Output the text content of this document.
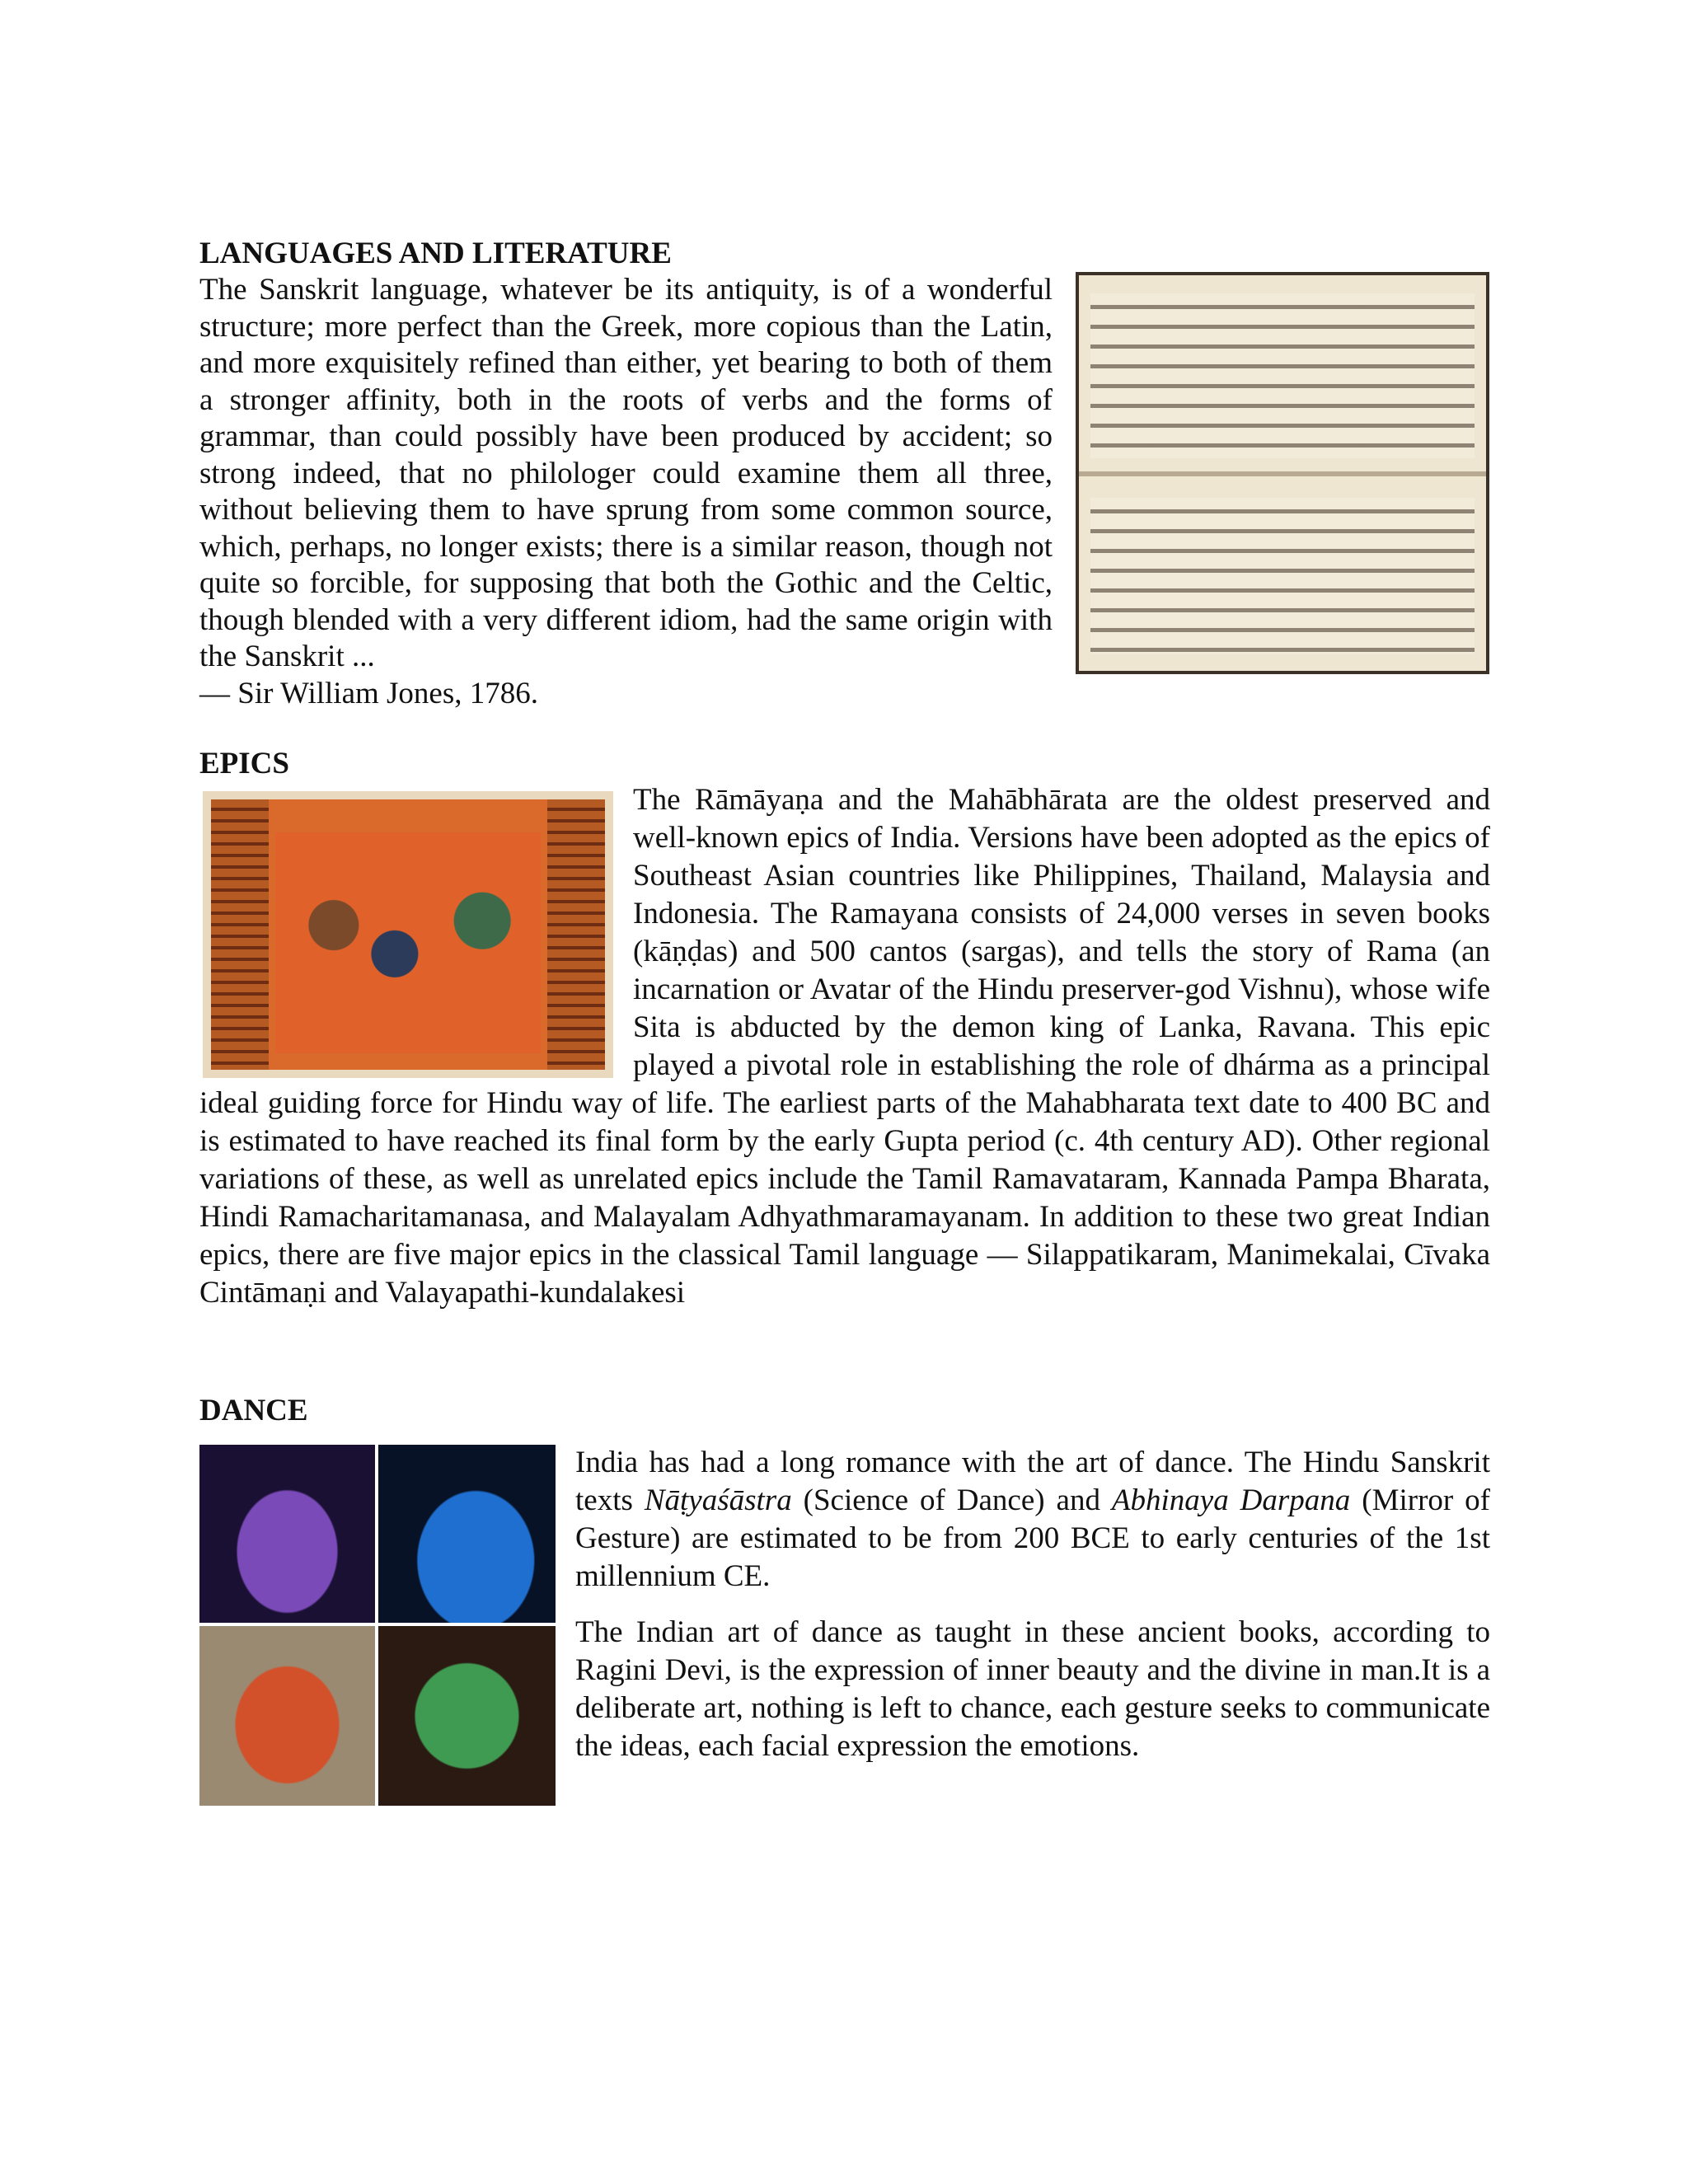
LANGUAGES AND LITERATURE

The Sanskrit language, whatever be its antiquity, is of a wonderful structure; more perfect than the Greek, more copious than the Latin, and more exquisitely refined than either, yet bearing to both of them a stronger affinity, both in the roots of verbs and the forms of grammar, than could possibly have been produced by accident; so strong indeed, that no philologer could examine them all three, without believing them to have sprung from some common source, which, perhaps, no longer exists; there is a similar reason, though not quite so forcible, for supposing that both the Gothic and the Celtic, though blended with a very different idiom, had the same origin with the Sanskrit ...
— Sir William Jones, 1786.

EPICS

The Rāmāyaṇa and the Mahābhārata are the oldest preserved and well-known epics of India. Versions have been adopted as the epics of Southeast Asian countries like Philippines, Thailand, Malaysia and Indonesia. The Ramayana consists of 24,000 verses in seven books (kāṇḍas) and 500 cantos (sargas), and tells the story of Rama (an incarnation or Avatar of the Hindu preserver-god Vishnu), whose wife Sita is abducted by the demon king of Lanka, Ravana. This epic played a pivotal role in establishing the role of dhárma as a principal ideal guiding force for Hindu way of life. The earliest parts of the Mahabharata text date to 400 BC and is estimated to have reached its final form by the early Gupta period (c. 4th century AD). Other regional variations of these, as well as unrelated epics include the Tamil Ramavataram, Kannada Pampa Bharata, Hindi Ramacharitamanasa, and Malayalam Adhyathmaramayanam. In addition to these two great Indian epics, there are five major epics in the classical Tamil language — Silappatikaram, Manimekalai, Cīvaka Cintāmaṇi and Valayapathi-kundalakesi

DANCE

India has had a long romance with the art of dance. The Hindu Sanskrit texts Nāṭyaśāstra (Science of Dance) and Abhinaya Darpana (Mirror of Gesture) are estimated to be from 200 BCE to early centuries of the 1st millennium CE.

The Indian art of dance as taught in these ancient books, according to Ragini Devi, is the expression of inner beauty and the divine in man.It is a deliberate art, nothing is left to chance, each gesture seeks to communicate the ideas, each facial expression the emotions.
